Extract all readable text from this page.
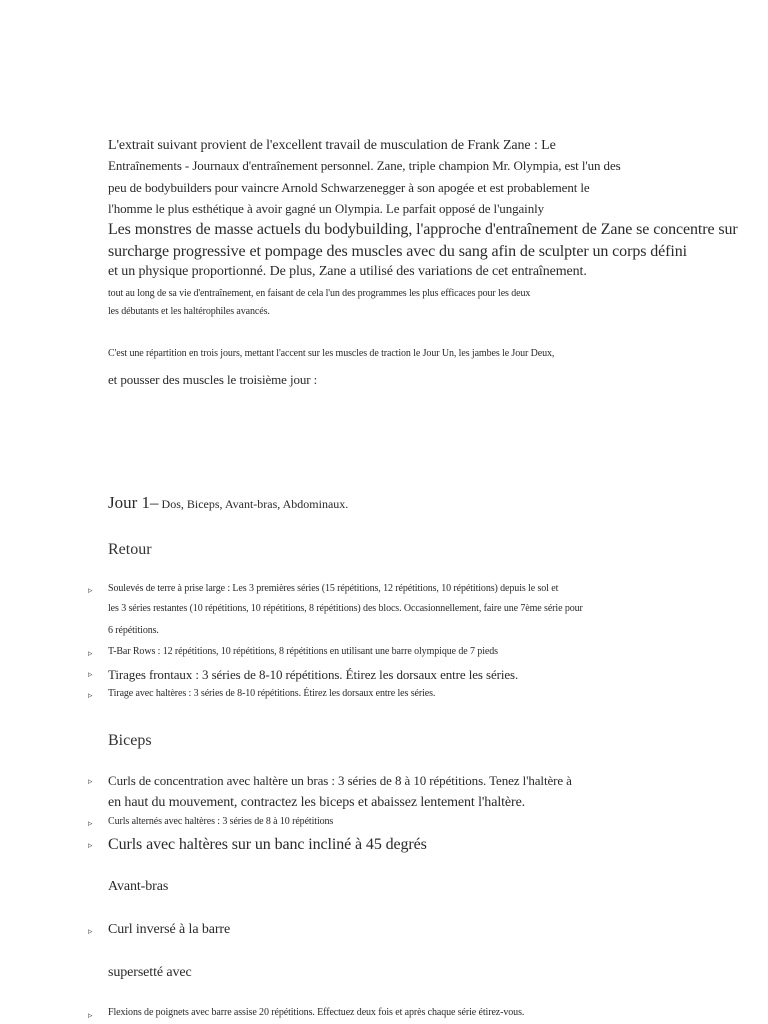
L'extrait suivant provient de l'excellent travail de musculation de Frank Zane : Le
Entraînements - Journaux d'entraînement personnel. Zane, triple champion Mr. Olympia, est l'un des
peu de bodybuilders pour vaincre Arnold Schwarzenegger à son apogée et est probablement le
l'homme le plus esthétique à avoir gagné un Olympia. Le parfait opposé de l'ungainly
Les monstres de masse actuels du bodybuilding, l'approche d'entraînement de Zane se concentre sur
surcharge progressive et pompage des muscles avec du sang afin de sculpter un corps défini
et un physique proportionné. De plus, Zane a utilisé des variations de cet entraînement.
tout au long de sa vie d'entraînement, en faisant de cela l'un des programmes les plus efficaces pour les deux
les débutants et les haltérophiles avancés.
C'est une répartition en trois jours, mettant l'accent sur les muscles de traction le Jour Un, les jambes le Jour Deux,
et pousser des muscles le troisième jour :
Jour 1– Dos, Biceps, Avant-bras, Abdominaux.
Retour
▹ Soulevés de terre à prise large : Les 3 premières séries (15 répétitions, 12 répétitions, 10 répétitions) depuis le sol et
les 3 séries restantes (10 répétitions, 10 répétitions, 8 répétitions) des blocs. Occasionnellement, faire une 7ème série pour
6 répétitions.
▹ T-Bar Rows : 12 répétitions, 10 répétitions, 8 répétitions en utilisant une barre olympique de 7 pieds
▹ Tirages frontaux : 3 séries de 8-10 répétitions. Étirez les dorsaux entre les séries.
▹ Tirage avec haltères : 3 séries de 8-10 répétitions. Étirez les dorsaux entre les séries.
Biceps
▹ Curls de concentration avec haltère un bras : 3 séries de 8 à 10 répétitions. Tenez l'haltère à
en haut du mouvement, contractez les biceps et abaissez lentement l'haltère.
▹ Curls alternés avec haltères : 3 séries de 8 à 10 répétitions
▹ Curls avec haltères sur un banc incliné à 45 degrés
Avant-bras
▹ Curl inversé à la barre
supersetté avec
▹ Flexions de poignets avec barre assise 20 répétitions. Effectuez deux fois et après chaque série étirez-vous.
